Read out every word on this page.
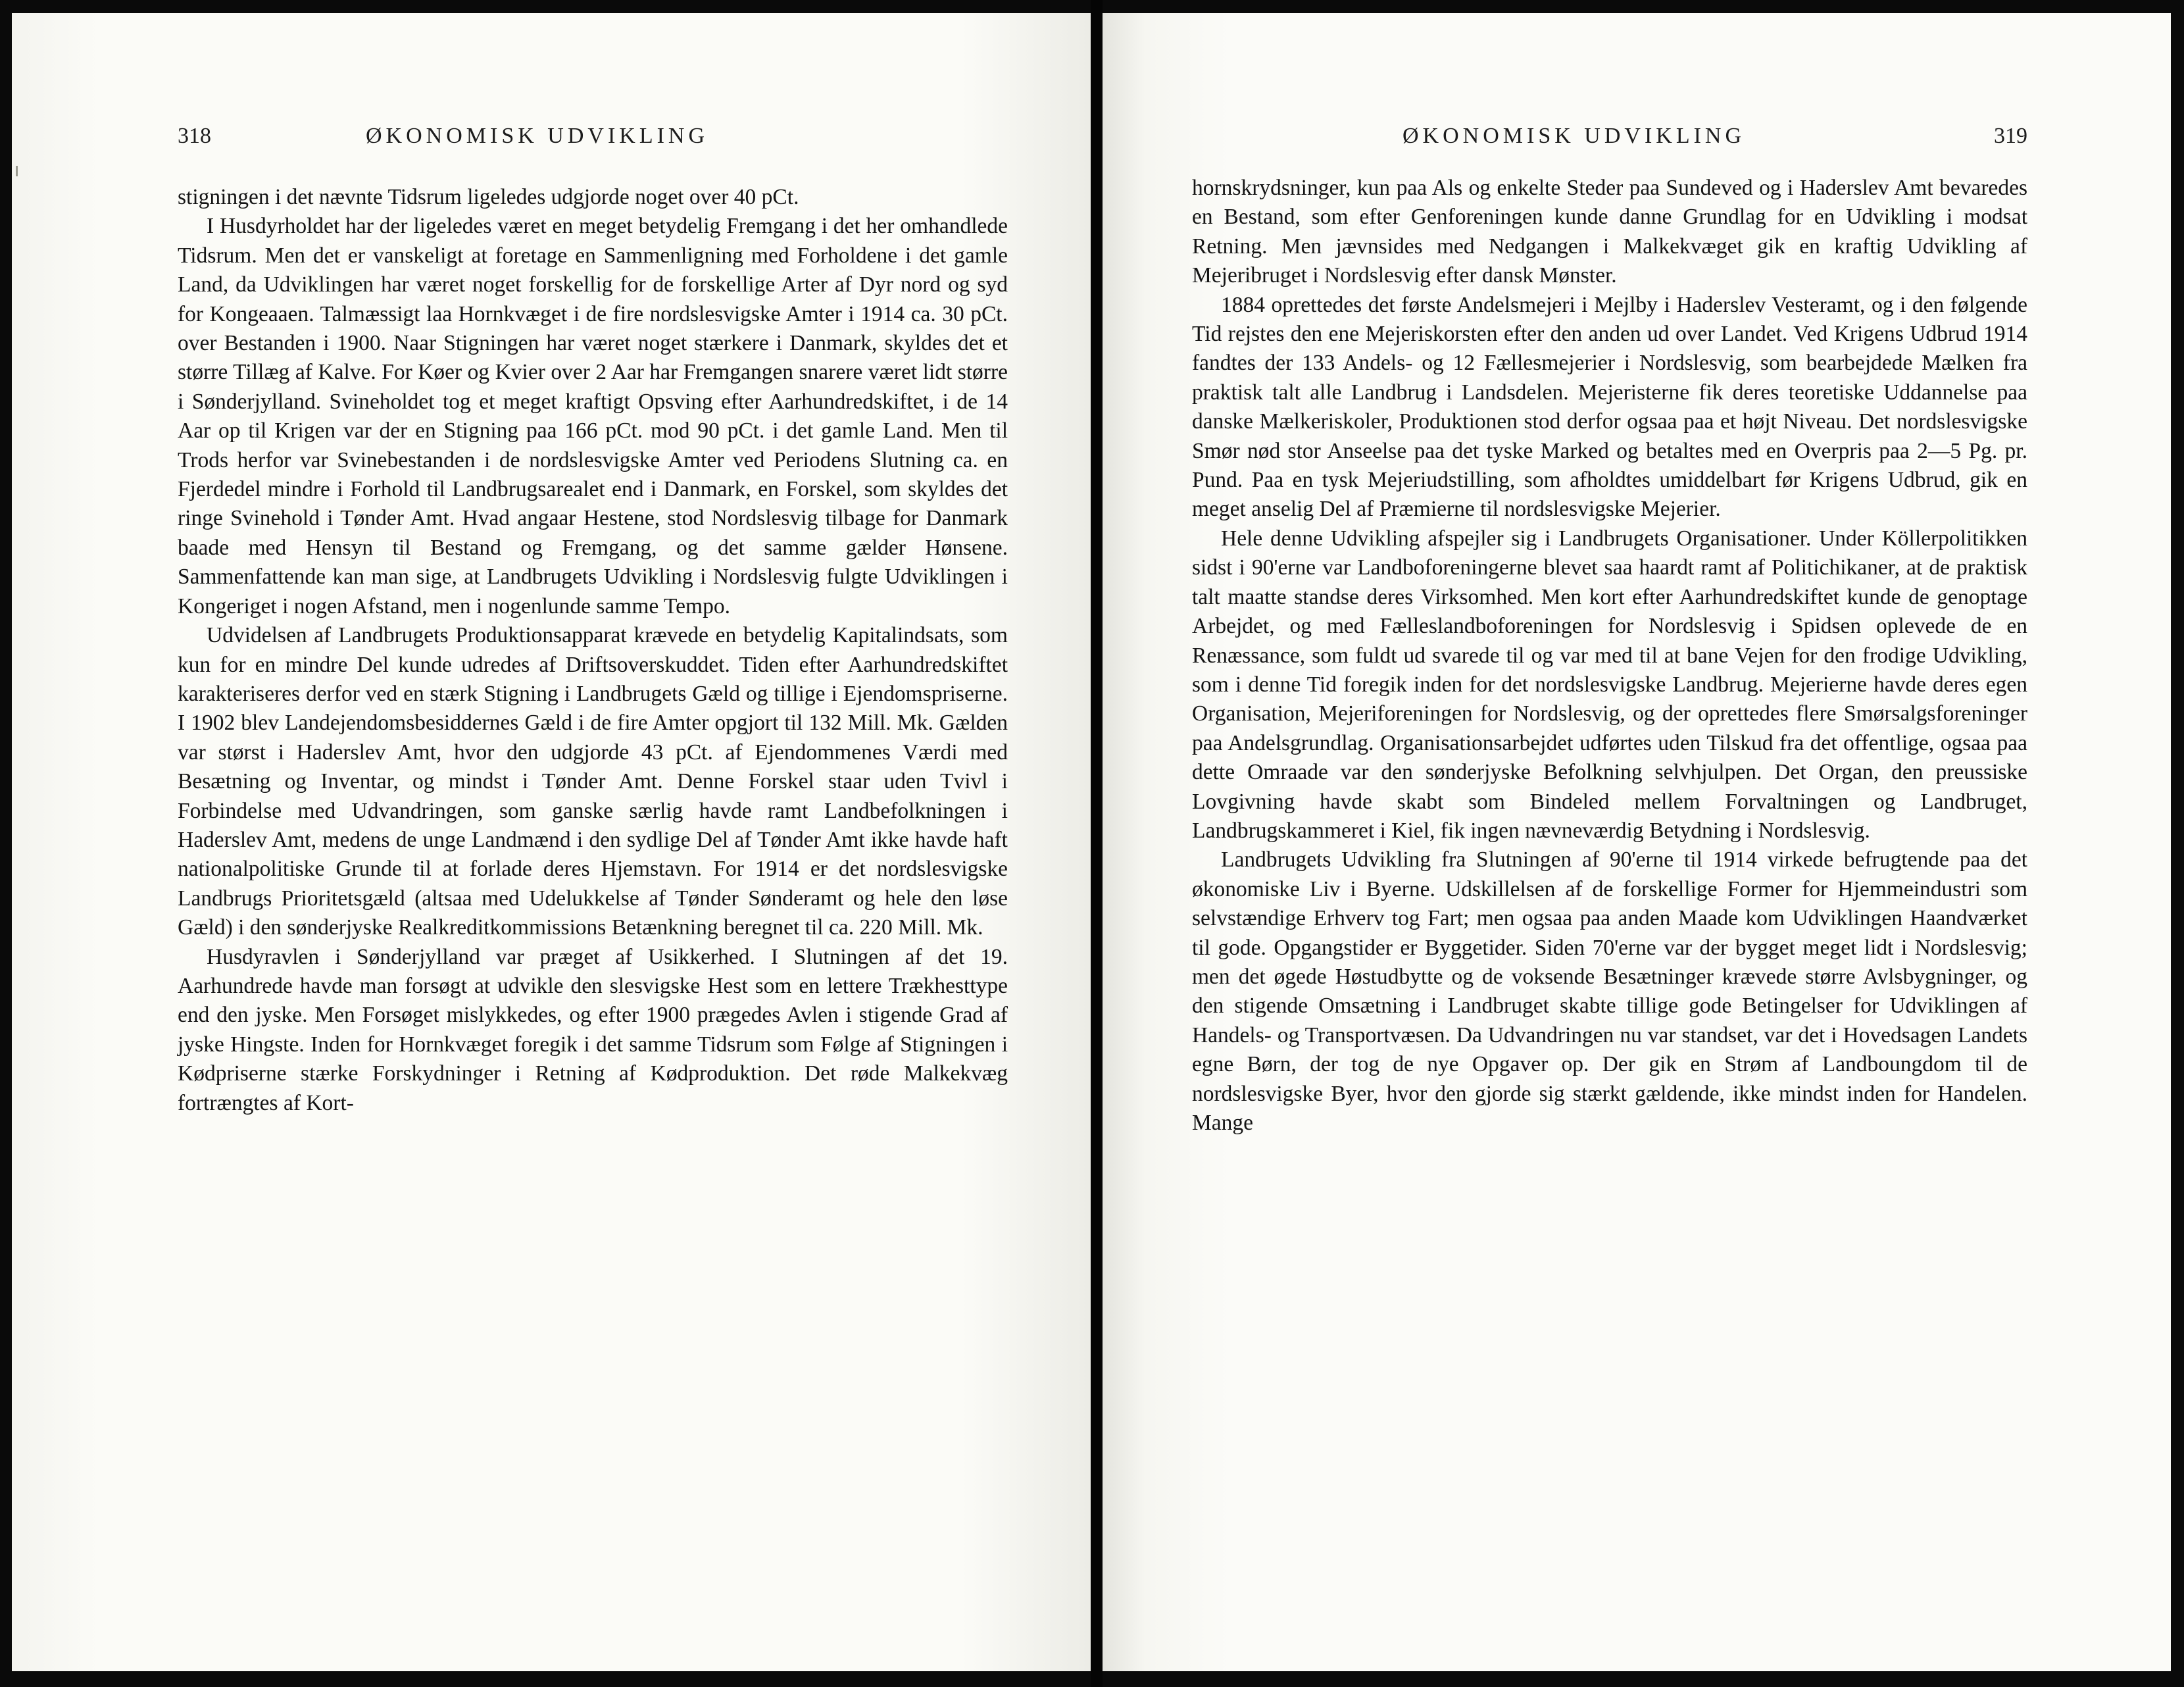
318	ØKONOMISK UDVIKLING

stigningen i det nævnte Tidsrum ligeledes udgjorde noget over 40 pCt.

I Husdyrholdet har der ligeledes været en meget betydelig Fremgang i det her omhandlede Tidsrum. Men det er vanskeligt at foretage en Sammenligning med Forholdene i det gamle Land, da Udviklingen har været noget forskellig for de forskellige Arter af Dyr nord og syd for Kongeaaen. Talmæssigt laa Hornkvæget i de fire nordslesvigske Amter i 1914 ca. 30 pCt. over Bestanden i 1900. Naar Stigningen har været noget stærkere i Danmark, skyldes det et større Tillæg af Kalve. For Køer og Kvier over 2 Aar har Fremgangen snarere været lidt større i Sønderjylland. Svineholdet tog et meget kraftigt Opsving efter Aarhundredskiftet, i de 14 Aar op til Krigen var der en Stigning paa 166 pCt. mod 90 pCt. i det gamle Land. Men til Trods herfor var Svinebestanden i de nordslesvigske Amter ved Periodens Slutning ca. en Fjerdedel mindre i Forhold til Landbrugsarealet end i Danmark, en Forskel, som skyldes det ringe Svinehold i Tønder Amt. Hvad angaar Hestene, stod Nordslesvig tilbage for Danmark baade med Hensyn til Bestand og Fremgang, og det samme gælder Hønsene. Sammenfattende kan man sige, at Landbrugets Udvikling i Nordslesvig fulgte Udviklingen i Kongeriget i nogen Afstand, men i nogenlunde samme Tempo.

Udvidelsen af Landbrugets Produktionsapparat krævede en betydelig Kapitalindsats, som kun for en mindre Del kunde udredes af Driftsoverskuddet. Tiden efter Aarhundredskiftet karakteriseres derfor ved en stærk Stigning i Landbrugets Gæld og tillige i Ejendomspriserne. I 1902 blev Landejendomsbesiddernes Gæld i de fire Amter opgjort til 132 Mill. Mk. Gælden var størst i Haderslev Amt, hvor den udgjorde 43 pCt. af Ejendommenes Værdi med Besætning og Inventar, og mindst i Tønder Amt. Denne Forskel staar uden Tvivl i Forbindelse med Udvandringen, som ganske særlig havde ramt Landbefolkningen i Haderslev Amt, medens de unge Landmænd i den sydlige Del af Tønder Amt ikke havde haft nationalpolitiske Grunde til at forlade deres Hjemstavn. For 1914 er det nordslesvigske Landbrugs Prioritetsgæld (altsaa med Udelukkelse af Tønder Sønderamt og hele den løse Gæld) i den sønderjyske Realkreditkommissions Betænkning beregnet til ca. 220 Mill. Mk.

Husdyravlen i Sønderjylland var præget af Usikkerhed. I Slutningen af det 19. Aarhundrede havde man forsøgt at udvikle den slesvigske Hest som en lettere Trækhesttype end den jyske. Men Forsøget mislykkedes, og efter 1900 prægedes Avlen i stigende Grad af jyske Hingste. Inden for Hornkvæget foregik i det samme Tidsrum som Følge af Stigningen i Kødpriserne stærke Forskydninger i Retning af Kødproduktion. Det røde Malkekvæg fortrængtes af Kort-

ØKONOMISK UDVIKLING	319

hornskrydsninger, kun paa Als og enkelte Steder paa Sundeved og i Haderslev Amt bevaredes en Bestand, som efter Genforeningen kunde danne Grundlag for en Udvikling i modsat Retning. Men jævnsides med Nedgangen i Malkekvæget gik en kraftig Udvikling af Mejeribruget i Nordslesvig efter dansk Mønster.

1884 oprettedes det første Andelsmejeri i Mejlby i Haderslev Vesteramt, og i den følgende Tid rejstes den ene Mejeriskorsten efter den anden ud over Landet. Ved Krigens Udbrud 1914 fandtes der 133 Andels- og 12 Fællesmejerier i Nordslesvig, som bearbejdede Mælken fra praktisk talt alle Landbrug i Landsdelen. Mejeristerne fik deres teoretiske Uddannelse paa danske Mælkeriskoler, Produktionen stod derfor ogsaa paa et højt Niveau. Det nordslesvigske Smør nød stor Anseelse paa det tyske Marked og betaltes med en Overpris paa 2—5 Pg. pr. Pund. Paa en tysk Mejeriudstilling, som afholdtes umiddelbart før Krigens Udbrud, gik en meget anselig Del af Præmierne til nordslesvigske Mejerier.

Hele denne Udvikling afspejler sig i Landbrugets Organisationer. Under Köllerpolitikken sidst i 90'erne var Landboforeningerne blevet saa haardt ramt af Politichikaner, at de praktisk talt maatte standse deres Virksomhed. Men kort efter Aarhundredskiftet kunde de genoptage Arbejdet, og med Fælleslandboforeningen for Nordslesvig i Spidsen oplevede de en Renæssance, som fuldt ud svarede til og var med til at bane Vejen for den frodige Udvikling, som i denne Tid foregik inden for det nordslesvigske Landbrug. Mejerierne havde deres egen Organisation, Mejeriforeningen for Nordslesvig, og der oprettedes flere Smørsalgsforeninger paa Andelsgrundlag. Organisationsarbejdet udførtes uden Tilskud fra det offentlige, ogsaa paa dette Omraade var den sønderjyske Befolkning selvhjulpen. Det Organ, den preussiske Lovgivning havde skabt som Bindeled mellem Forvaltningen og Landbruget, Landbrugskammeret i Kiel, fik ingen nævneværdig Betydning i Nordslesvig.

Landbrugets Udvikling fra Slutningen af 90'erne til 1914 virkede befrugtende paa det økonomiske Liv i Byerne. Udskillelsen af de forskellige Former for Hjemmeindustri som selvstændige Erhverv tog Fart; men ogsaa paa anden Maade kom Udviklingen Haandværket til gode. Opgangstider er Byggetider. Siden 70'erne var der bygget meget lidt i Nordslesvig; men det øgede Høstudbytte og de voksende Besætninger krævede større Avlsbygninger, og den stigende Omsætning i Landbruget skabte tillige gode Betingelser for Udviklingen af Handels- og Transportvæsen. Da Udvandringen nu var standset, var det i Hovedsagen Landets egne Børn, der tog de nye Opgaver op. Der gik en Strøm af Landboungdom til de nordslesvigske Byer, hvor den gjorde sig stærkt gældende, ikke mindst inden for Handelen. Mange
